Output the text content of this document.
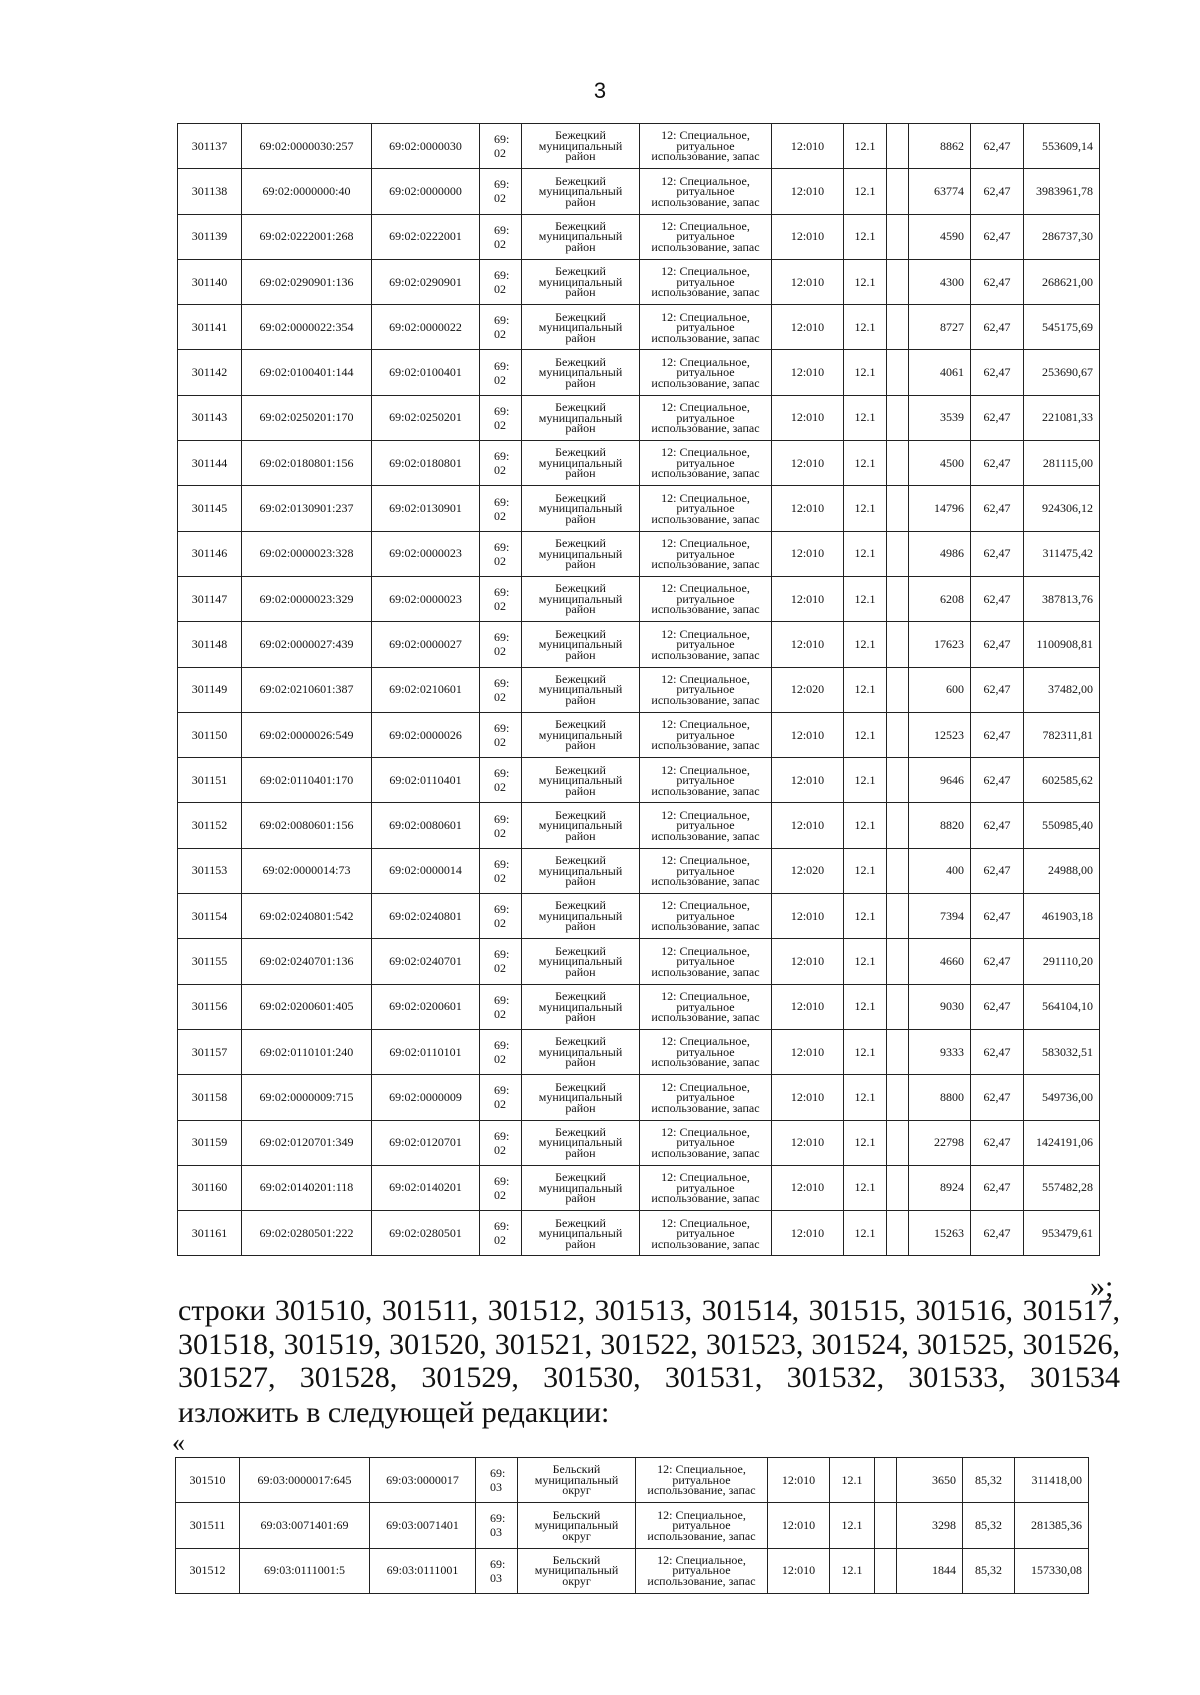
3
301137	69:02:0000030:257	69:02:0000030	69: 02	Бежецкий муниципальный район	12: Специальное, ритуальное использование, запас	12:010	12.1		8862	62,47	553609,14
301138	69:02:0000000:40	69:02:0000000	69: 02	Бежецкий муниципальный район	12: Специальное, ритуальное использование, запас	12:010	12.1		63774	62,47	3983961,78
301139	69:02:0222001:268	69:02:0222001	69: 02	Бежецкий муниципальный район	12: Специальное, ритуальное использование, запас	12:010	12.1		4590	62,47	286737,30
301140	69:02:0290901:136	69:02:0290901	69: 02	Бежецкий муниципальный район	12: Специальное, ритуальное использование, запас	12:010	12.1		4300	62,47	268621,00
301141	69:02:0000022:354	69:02:0000022	69: 02	Бежецкий муниципальный район	12: Специальное, ритуальное использование, запас	12:010	12.1		8727	62,47	545175,69
301142	69:02:0100401:144	69:02:0100401	69: 02	Бежецкий муниципальный район	12: Специальное, ритуальное использование, запас	12:010	12.1		4061	62,47	253690,67
301143	69:02:0250201:170	69:02:0250201	69: 02	Бежецкий муниципальный район	12: Специальное, ритуальное использование, запас	12:010	12.1		3539	62,47	221081,33
301144	69:02:0180801:156	69:02:0180801	69: 02	Бежецкий муниципальный район	12: Специальное, ритуальное использование, запас	12:010	12.1		4500	62,47	281115,00
301145	69:02:0130901:237	69:02:0130901	69: 02	Бежецкий муниципальный район	12: Специальное, ритуальное использование, запас	12:010	12.1		14796	62,47	924306,12
301146	69:02:0000023:328	69:02:0000023	69: 02	Бежецкий муниципальный район	12: Специальное, ритуальное использование, запас	12:010	12.1		4986	62,47	311475,42
301147	69:02:0000023:329	69:02:0000023	69: 02	Бежецкий муниципальный район	12: Специальное, ритуальное использование, запас	12:010	12.1		6208	62,47	387813,76
301148	69:02:0000027:439	69:02:0000027	69: 02	Бежецкий муниципальный район	12: Специальное, ритуальное использование, запас	12:010	12.1		17623	62,47	1100908,81
301149	69:02:0210601:387	69:02:0210601	69: 02	Бежецкий муниципальный район	12: Специальное, ритуальное использование, запас	12:020	12.1		600	62,47	37482,00
301150	69:02:0000026:549	69:02:0000026	69: 02	Бежецкий муниципальный район	12: Специальное, ритуальное использование, запас	12:010	12.1		12523	62,47	782311,81
301151	69:02:0110401:170	69:02:0110401	69: 02	Бежецкий муниципальный район	12: Специальное, ритуальное использование, запас	12:010	12.1		9646	62,47	602585,62
301152	69:02:0080601:156	69:02:0080601	69: 02	Бежецкий муниципальный район	12: Специальное, ритуальное использование, запас	12:010	12.1		8820	62,47	550985,40
301153	69:02:0000014:73	69:02:0000014	69: 02	Бежецкий муниципальный район	12: Специальное, ритуальное использование, запас	12:020	12.1		400	62,47	24988,00
301154	69:02:0240801:542	69:02:0240801	69: 02	Бежецкий муниципальный район	12: Специальное, ритуальное использование, запас	12:010	12.1		7394	62,47	461903,18
301155	69:02:0240701:136	69:02:0240701	69: 02	Бежецкий муниципальный район	12: Специальное, ритуальное использование, запас	12:010	12.1		4660	62,47	291110,20
301156	69:02:0200601:405	69:02:0200601	69: 02	Бежецкий муниципальный район	12: Специальное, ритуальное использование, запас	12:010	12.1		9030	62,47	564104,10
301157	69:02:0110101:240	69:02:0110101	69: 02	Бежецкий муниципальный район	12: Специальное, ритуальное использование, запас	12:010	12.1		9333	62,47	583032,51
301158	69:02:0000009:715	69:02:0000009	69: 02	Бежецкий муниципальный район	12: Специальное, ритуальное использование, запас	12:010	12.1		8800	62,47	549736,00
301159	69:02:0120701:349	69:02:0120701	69: 02	Бежецкий муниципальный район	12: Специальное, ритуальное использование, запас	12:010	12.1		22798	62,47	1424191,06
301160	69:02:0140201:118	69:02:0140201	69: 02	Бежецкий муниципальный район	12: Специальное, ритуальное использование, запас	12:010	12.1		8924	62,47	557482,28
301161	69:02:0280501:222	69:02:0280501	69: 02	Бежецкий муниципальный район	12: Специальное, ритуальное использование, запас	12:010	12.1		15263	62,47	953479,61
»;
строки 301510, 301511, 301512, 301513, 301514, 301515, 301516, 301517, 301518, 301519, 301520, 301521, 301522, 301523, 301524, 301525, 301526, 301527, 301528, 301529, 301530, 301531, 301532, 301533, 301534
изложить в следующей редакции:
«
301510	69:03:0000017:645	69:03:0000017	69: 03	Бельский муниципальный округ	12: Специальное, ритуальное использование, запас	12:010	12.1		3650	85,32	311418,00
301511	69:03:0071401:69	69:03:0071401	69: 03	Бельский муниципальный округ	12: Специальное, ритуальное использование, запас	12:010	12.1		3298	85,32	281385,36
301512	69:03:0111001:5	69:03:0111001	69: 03	Бельский муниципальный округ	12: Специальное, ритуальное использование, запас	12:010	12.1		1844	85,32	157330,08
